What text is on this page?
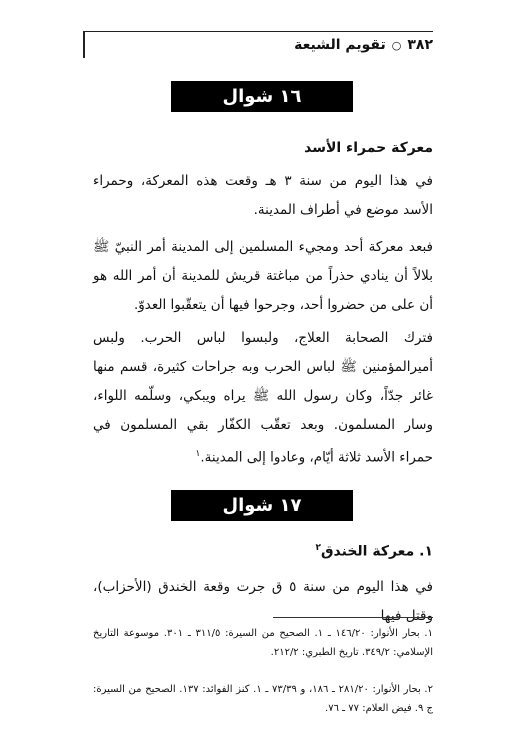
٣٨٢
○
تقويم الشيعة
١٦ شوال
معركة حمراء الأسد
في هذا اليوم من سنة ٣ هـ وقعت هذه المعركة، وحمراء الأسد موضع في أطراف المدينة.
فبعد معركة أحد ومجيء المسلمين إلى المدينة أمر النبيّ ﷺ بلالاً أن ينادي حذراً من مباغتة قريش للمدينة أن أمر الله هو أن على من حضروا أحد، وجرحوا فيها أن يتعقّبوا العدوّ.
فترك الصحابة العلاج، ولبسوا لباس الحرب. ولبس أميرالمؤمنين ﷺ لباس الحرب وبه جراحات كثيرة، قسم منها غائر جدّاً، وكان رسول الله ﷺ يراه ويبكي، وسلّمه اللواء، وسار المسلمون. وبعد تعقّب الكفّار بقي المسلمون في حمراء الأسد ثلاثة أيّام، وعادوا إلى المدينة.$^١$
١٧ شوال
١. معركة الخندق$^٢$
في هذا اليوم من سنة ٥ ق جرت وقعة الخندق (الأحزاب)، وقتل فيها
١. بحار الأنوار: ١٤٦/٢٠ ـ ١. الصحيح من السيرة: ٣١١/٥ ـ ٣٠١. موسوعة التاريخ الإسلامي: ٣٤٩/٢. تاريخ الطبري: ٢١٢/٢.
٢. بحار الأنوار: ٢٨١/٢٠ ـ ١٨٦، و ٧٣/٣٩ ـ ١. كنز الفوائد: ١٣٧. الصحيح من السيرة: ج ٩. فيض العلام: ٧٧ ـ ٧٦.
